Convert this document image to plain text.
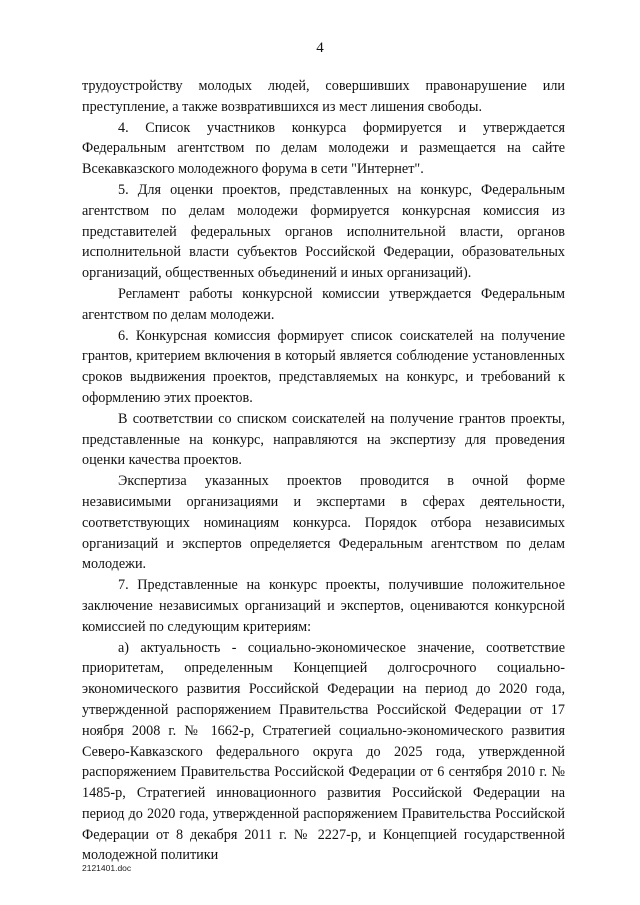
4

трудоустройству молодых людей, совершивших правонарушение или преступление, а также возвратившихся из мест лишения свободы.

4. Список участников конкурса формируется и утверждается Федеральным агентством по делам молодежи и размещается на сайте Всекавказского молодежного форума в сети "Интернет".

5. Для оценки проектов, представленных на конкурс, Федеральным агентством по делам молодежи формируется конкурсная комиссия из представителей федеральных органов исполнительной власти, органов исполнительной власти субъектов Российской Федерации, образовательных организаций, общественных объединений и иных организаций).

Регламент работы конкурсной комиссии утверждается Федеральным агентством по делам молодежи.

6. Конкурсная комиссия формирует список соискателей на получение грантов, критерием включения в который является соблюдение установленных сроков выдвижения проектов, представляемых на конкурс, и требований к оформлению этих проектов.

В соответствии со списком соискателей на получение грантов проекты, представленные на конкурс, направляются на экспертизу для проведения оценки качества проектов.

Экспертиза указанных проектов проводится в очной форме независимыми организациями и экспертами в сферах деятельности, соответствующих номинациям конкурса. Порядок отбора независимых организаций и экспертов определяется Федеральным агентством по делам молодежи.

7. Представленные на конкурс проекты, получившие положительное заключение независимых организаций и экспертов, оцениваются конкурсной комиссией по следующим критериям:

а) актуальность - социально-экономическое значение, соответствие приоритетам, определенным Концепцией долгосрочного социально-экономического развития Российской Федерации на период до 2020 года, утвержденной распоряжением Правительства Российской Федерации от 17 ноября 2008 г. № 1662-р, Стратегией социально-экономического развития Северо-Кавказского федерального округа до 2025 года, утвержденной распоряжением Правительства Российской Федерации от 6 сентября 2010 г. № 1485-р, Стратегией инновационного развития Российской Федерации на период до 2020 года, утвержденной распоряжением Правительства Российской Федерации от 8 декабря 2011 г. № 2227-р, и Концепцией государственной молодежной политики

2121401.doc
